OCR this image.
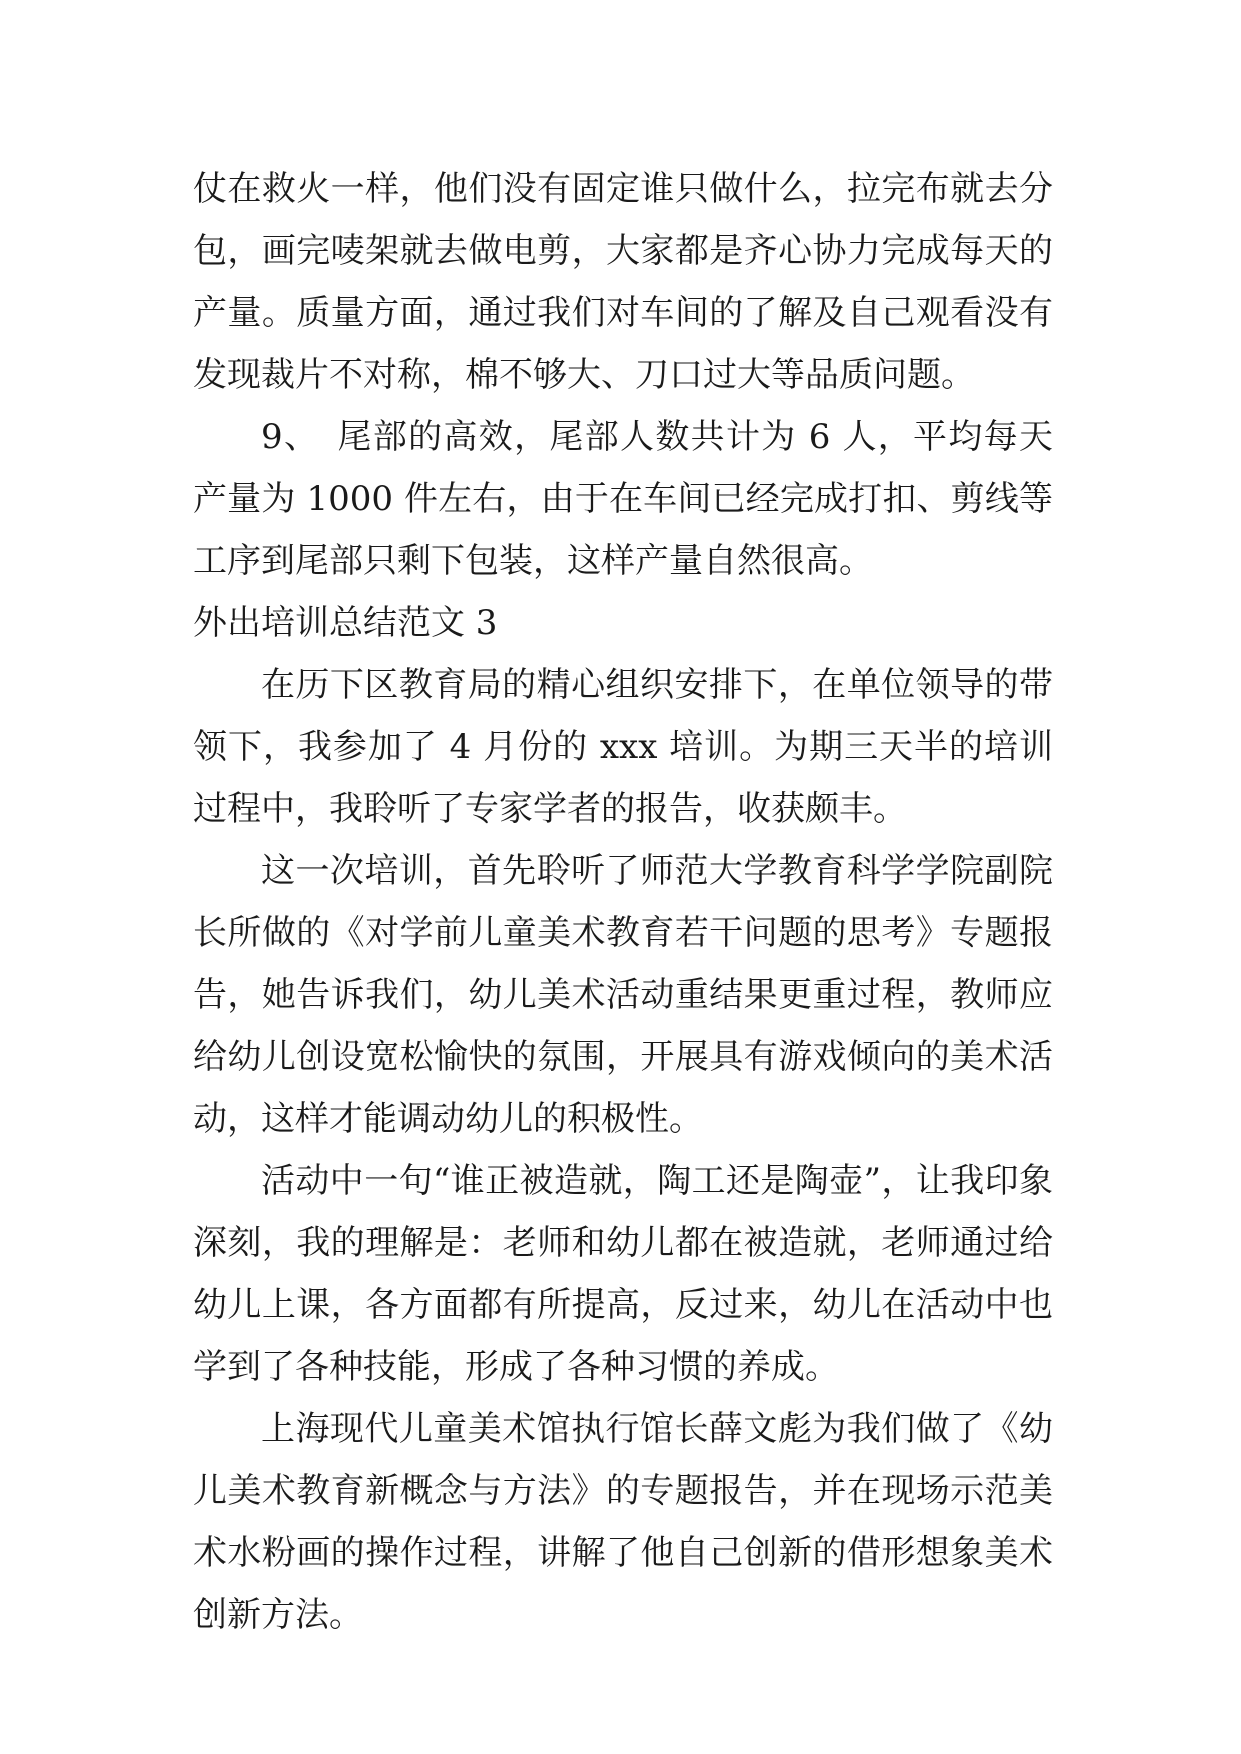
仗在救火一样，他们没有固定谁只做什么，拉完布就去分包，画完唛架就去做电剪，大家都是齐心协力完成每天的产量。质量方面，通过我们对车间的了解及自己观看没有发现裁片不对称，棉不够大、刀口过大等品质问题。

9、　尾部的高效，尾部人数共计为 6 人，平均每天产量为 1000 件左右，由于在车间已经完成打扣、剪线等工序到尾部只剩下包装，这样产量自然很高。

外出培训总结范文 3

在历下区教育局的精心组织安排下，在单位领导的带领下，我参加了 4 月份的 xxx 培训。为期三天半的培训过程中，我聆听了专家学者的报告，收获颇丰。

这一次培训，首先聆听了师范大学教育科学学院副院长所做的《对学前儿童美术教育若干问题的思考》专题报告，她告诉我们，幼儿美术活动重结果更重过程，教师应给幼儿创设宽松愉快的氛围，开展具有游戏倾向的美术活动，这样才能调动幼儿的积极性。

活动中一句“谁正被造就，陶工还是陶壶”，让我印象深刻，我的理解是：老师和幼儿都在被造就，老师通过给幼儿上课，各方面都有所提高，反过来，幼儿在活动中也学到了各种技能，形成了各种习惯的养成。

上海现代儿童美术馆执行馆长薛文彪为我们做了《幼儿美术教育新概念与方法》的专题报告，并在现场示范美术水粉画的操作过程，讲解了他自己创新的借形想象美术创新方法。
